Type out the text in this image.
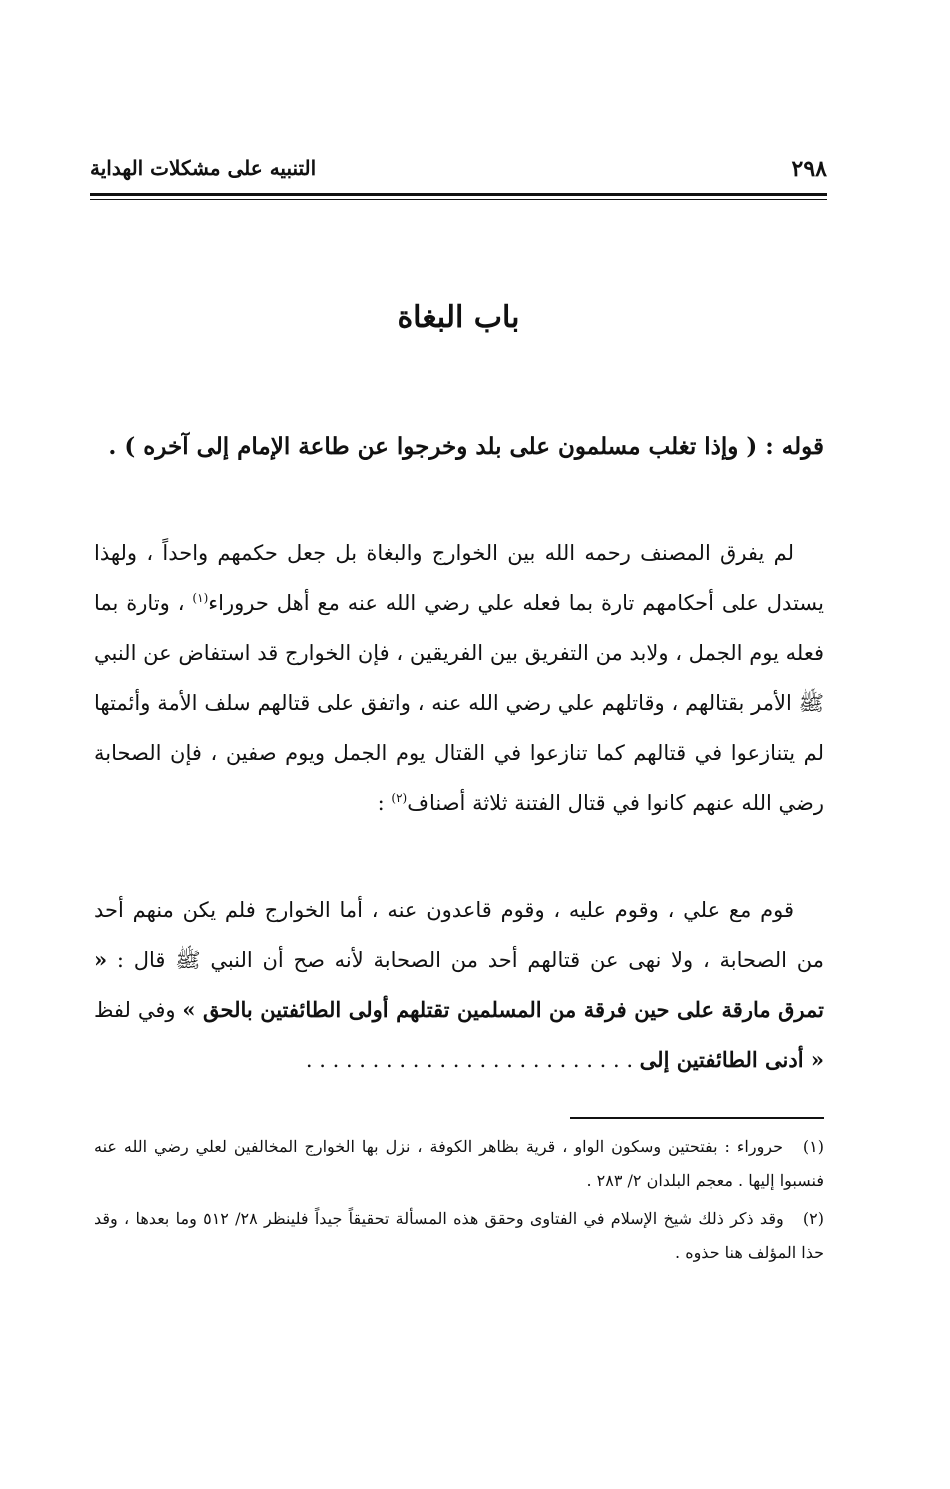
٢٩٨
التنبيه على مشكلات الهداية
باب البغاة

قوله : ( وإذا تغلب مسلمون على بلد وخرجوا عن طاعة الإمام إلى آخره ) .

لم يفرق المصنف رحمه الله بين الخوارج والبغاة بل جعل حكمهم واحداً ، ولهذا يستدل على أحكامهم تارة بما فعله علي رضي الله عنه مع أهل حروراء$^{(١)}$ ، وتارة بما فعله يوم الجمل ، ولابد من التفريق بين الفريقين ، فإن الخوارج قد استفاض عن النبي ﷺ الأمر بقتالهم ، وقاتلهم علي رضي الله عنه ، واتفق على قتالهم سلف الأمة وأئمتها لم يتنازعوا في قتالهم كما تنازعوا في القتال يوم الجمل ويوم صفين ، فإن الصحابة رضي الله عنهم كانوا في قتال الفتنة ثلاثة أصناف$^{(٢)}$ :

قوم مع علي ، وقوم عليه ، وقوم قاعدون عنه ، أما الخوارج فلم يكن منهم أحد من الصحابة ، ولا نهى عن قتالهم أحد من الصحابة لأنه صح أن النبي ﷺ قال : « تمرق مارقة على حين فرقة من المسلمين تقتلهم أولى الطائفتين بالحق » وفي لفظ « أدنى الطائفتين إلى . . . . . . . . . . . . . . . . . . . . . . . . .

(١) حروراء : بفتحتين وسكون الواو ، قرية بظاهر الكوفة ، نزل بها الخوارج المخالفين لعلي رضي الله عنه فنسبوا إليها . معجم البلدان ٢/ ٢٨٣ .

(٢) وقد ذكر ذلك شيخ الإسلام في الفتاوى وحقق هذه المسألة تحقيقاً جيداً فلينظر ٢٨/ ٥١٢ وما بعدها ، وقد حذا المؤلف هنا حذوه .
